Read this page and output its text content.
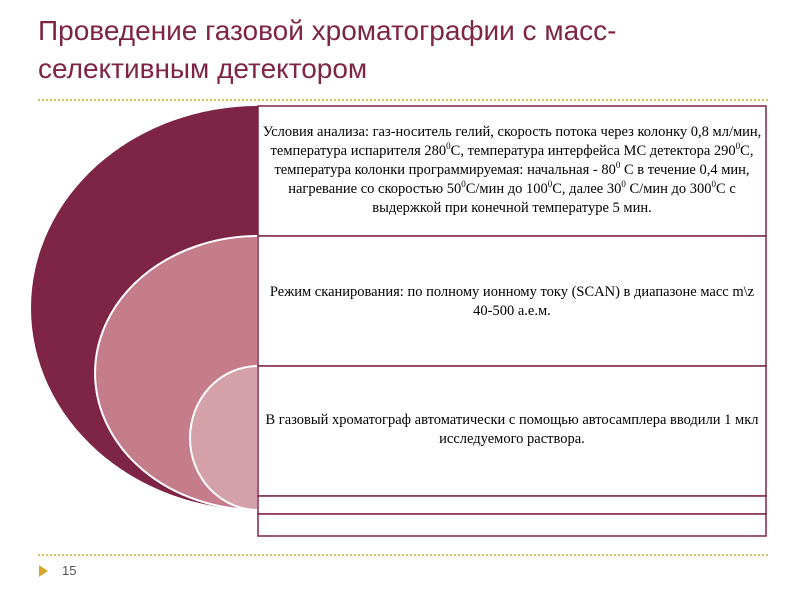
Проведение газовой хроматографии с масс-селективным детектором
Условия анализа: газ-носитель гелий, скорость потока через колонку 0,8 мл/мин, температура испарителя $280^0С$, температура интерфейса МС детектора $290^0С$, температура колонки программируемая: начальная - $80^0$ С в течение 0,4 мин, нагревание со скоростью $50^0С$/мин до $100^0С$, далее $30^0$ С/мин до $300^0С$ с выдержкой при конечной температуре 5 мин.
Режим сканирования: по полному ионному току (SCAN) в диапазоне масс m\z 40-500 а.е.м.
В газовый хроматограф автоматически с помощью автосамплера вводили 1 мкл исследуемого раствора.
15
